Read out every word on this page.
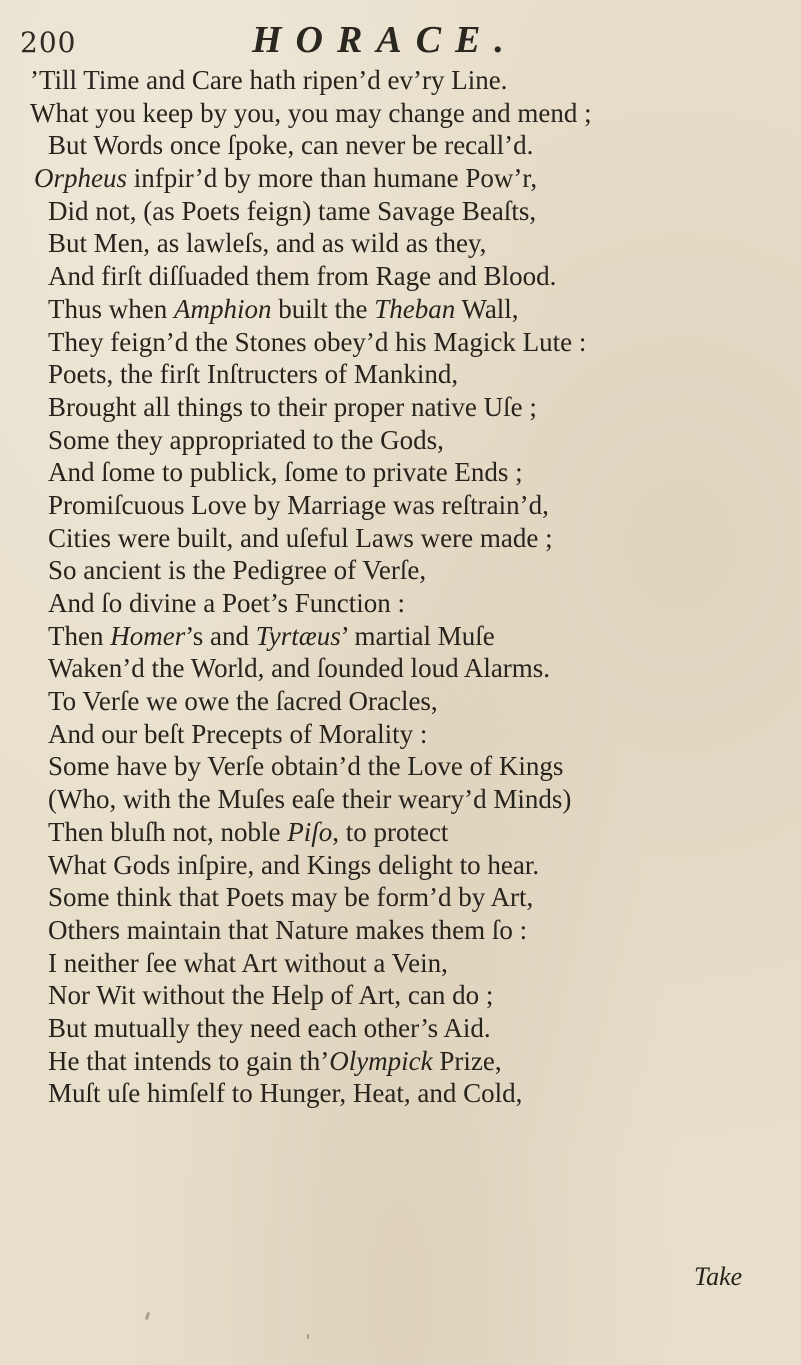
200	HORACE.
’Till Time and Care hath ripen’d ev’ry Line.
What you keep by you, you may change and mend ;
But Words once ſpoke, can never be recall’d.
Orpheus infpir’d by more than humane Pow’r,
Did not, (as Poets feign) tame Savage Beaſts,
But Men, as lawleſs, and as wild as they,
And firſt diſſuaded them from Rage and Blood.
Thus when Amphion built the Theban Wall,
They feign’d the Stones obey’d his Magick Lute :
Poets, the firſt Inſtructers of Mankind,
Brought all things to their proper native Uſe ;
Some they appropriated to the Gods,
And ſome to publick, ſome to private Ends ;
Promiſcuous Love by Marriage was reſtrain’d,
Cities were built, and uſeful Laws were made ;
So ancient is the Pedigree of Verſe,
And ſo divine a Poet’s Function :
Then Homer’s and Tyrtæus’ martial Muſe
Waken’d the World, and ſounded loud Alarms.
To Verſe we owe the ſacred Oracles,
And our beſt Precepts of Morality :
Some have by Verſe obtain’d the Love of Kings
(Who, with the Muſes eaſe their weary’d Minds)
Then bluſh not, noble Piſo, to protect
What Gods inſpire, and Kings delight to hear.
Some think that Poets may be form’d by Art,
Others maintain that Nature makes them ſo :
I neither ſee what Art without a Vein,
Nor Wit without the Help of Art, can do ;
But mutually they need each other’s Aid.
He that intends to gain th’Olympick Prize,
Muſt uſe himſelf to Hunger, Heat, and Cold,
Take
